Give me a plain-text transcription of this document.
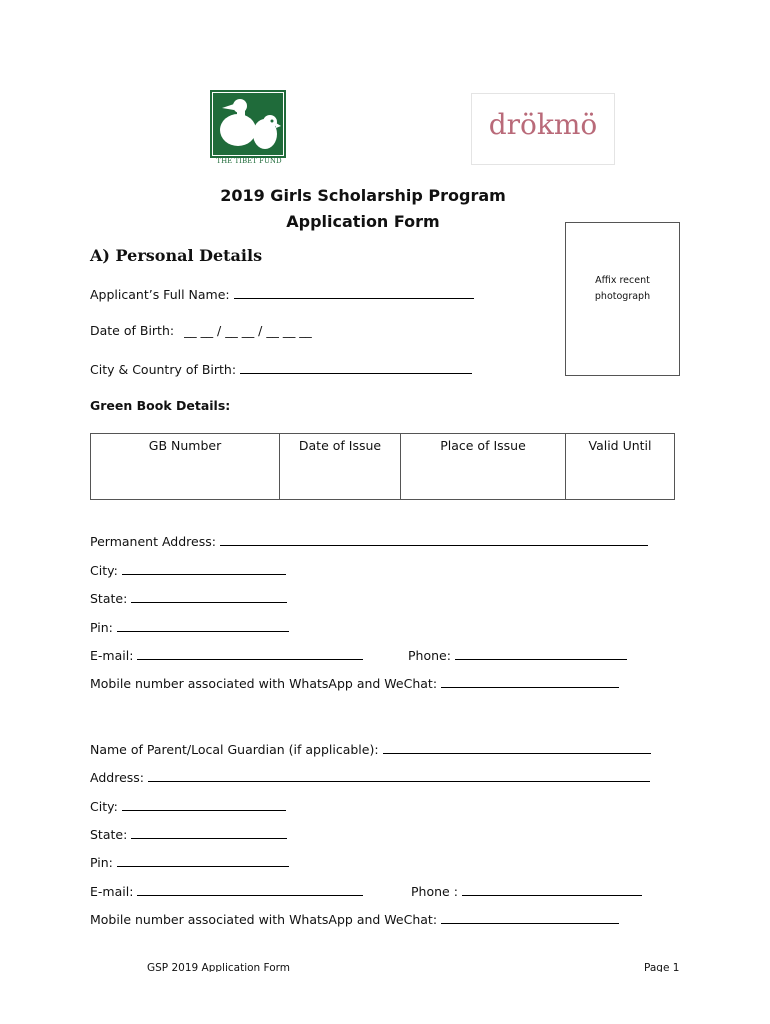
THE TIBET FUND
drökmö
2019 Girls Scholarship Program
Application Form
Affix recent
photograph
A) Personal Details
Applicant’s Full Name:
Date of Birth: __ __ / __ __ / __ __ __
City & Country of Birth:
Green Book Details:
GB Number	Date of Issue	Place of Issue	Valid Until
Permanent Address:
City:
State:
Pin:
E-mail:	Phone:
Mobile number associated with WhatsApp and WeChat:
Name of Parent/Local Guardian (if applicable):
Address:
City:
State:
Pin:
E-mail:	Phone :
Mobile number associated with WhatsApp and WeChat:
GSP 2019 Application Form	Page 1
